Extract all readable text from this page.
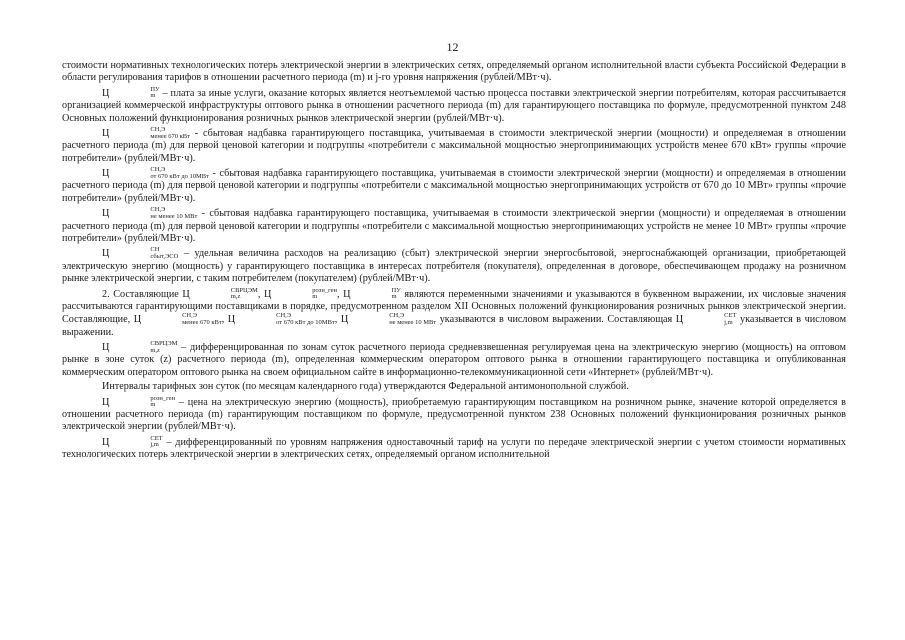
12

стоимости нормативных технологических потерь электрической энергии в электрических сетях, определяемый органом исполнительной власти субъекта Российской Федерации в области регулирования тарифов в отношении расчетного периода (m) и j-го уровня напряжения (рублей/МВт·ч).

Ц	ПУ
m – плата за иные услуги, оказание которых является неотъемлемой частью процесса поставки электрической энергии потребителям, которая рассчитывается организацией коммерческой инфраструктуры оптового рынка в отношении расчетного периода (m) для гарантирующего поставщика по формуле, предусмотренной пунктом 248 Основных положений функционирования розничных рынков электрической энергии (рублей/МВт·ч).

Ц	СН,Э
менее 670 кВт - сбытовая надбавка гарантирующего поставщика, учитываемая в стоимости электрической энергии (мощности) и определяемая в отношении расчетного периода (m) для первой ценовой категории и подгруппы «потребители с максимальной мощностью энергопринимающих устройств менее 670 кВт» группы «прочие потребители» (рублей/МВт·ч).

Ц	СН,Э
от 670 кВт до 10МВт - сбытовая надбавка гарантирующего поставщика, учитываемая в стоимости электрической энергии (мощности) и определяемая в отношении расчетного периода (m) для первой ценовой категории и подгруппы «потребители с максимальной мощностью энергопринимающих устройств от 670 до 10 МВт» группы «прочие потребители» (рублей/МВт·ч).

Ц	СН,Э
не менее 10 МВт - сбытовая надбавка гарантирующего поставщика, учитываемая в стоимости электрической энергии (мощности) и определяемая в отношении расчетного периода (m) для первой ценовой категории и подгруппы «потребители с максимальной мощностью энергопринимающих устройств не менее 10 МВт» группы «прочие потребители» (рублей/МВт·ч).

Ц	СН
сбыт,ЭСО – удельная величина расходов на реализацию (сбыт) электрической энергии энергосбытовой, энергоснабжающей организации, приобретающей электрическую энергию (мощность) у гарантирующего поставщика в интересах потребителя (покупателя), определенная в договоре, обеспечивающем продажу на розничном рынке электрической энергии, с таким потребителем (покупателем) (рублей/МВт·ч).

2. Составляющие Ц	СВРЦЭМ
m,z	, Ц	розн_ген
m	, Ц	ПУ
m являются переменными значениями и указываются в буквенном выражении, их числовые значения рассчитываются гарантирующими поставщиками в порядке, предусмотренном разделом XII Основных положений функционирования розничных рынков электрической энергии. Составляющие, Ц	СН,Э
менее 670 кВт , Ц	СН,Э
от 670 кВт до 10МВт , Ц	СН,Э
не менее 10 МВт указываются в числовом выражении. Составляющая Ц	СЕТ
j,m указывается в числовом выражении.

Ц	СВРЦЭМ
m,z	– дифференцированная по зонам суток расчетного периода средневзвешенная регулируемая цена на электрическую энергию (мощность) на оптовом рынке в зоне суток (z) расчетного периода (m), определенная коммерческим оператором оптового рынка в отношении гарантирующего поставщика и опубликованная коммерческим оператором оптового рынка на своем официальном сайте в информационно-телекоммуникационной сети «Интернет» (рублей/МВт·ч).

Интервалы тарифных зон суток (по месяцам календарного года) утверждаются Федеральной антимонопольной службой.

Ц	розн_ген
m	– цена на электрическую энергию (мощность), приобретаемую гарантирующим поставщиком на розничном рынке, значение которой определяется в отношении расчетного периода (m) гарантирующим поставщиком по формуле, предусмотренной пунктом 238 Основных положений функционирования розничных рынков электрической энергии (рублей/МВт·ч).

Ц	СЕТ
j,m – дифференцированный по уровням напряжения одноставочный тариф на услуги по передаче электрической энергии с учетом стоимости нормативных технологических потерь электрической энергии в электрических сетях, определяемый органом исполнительной
